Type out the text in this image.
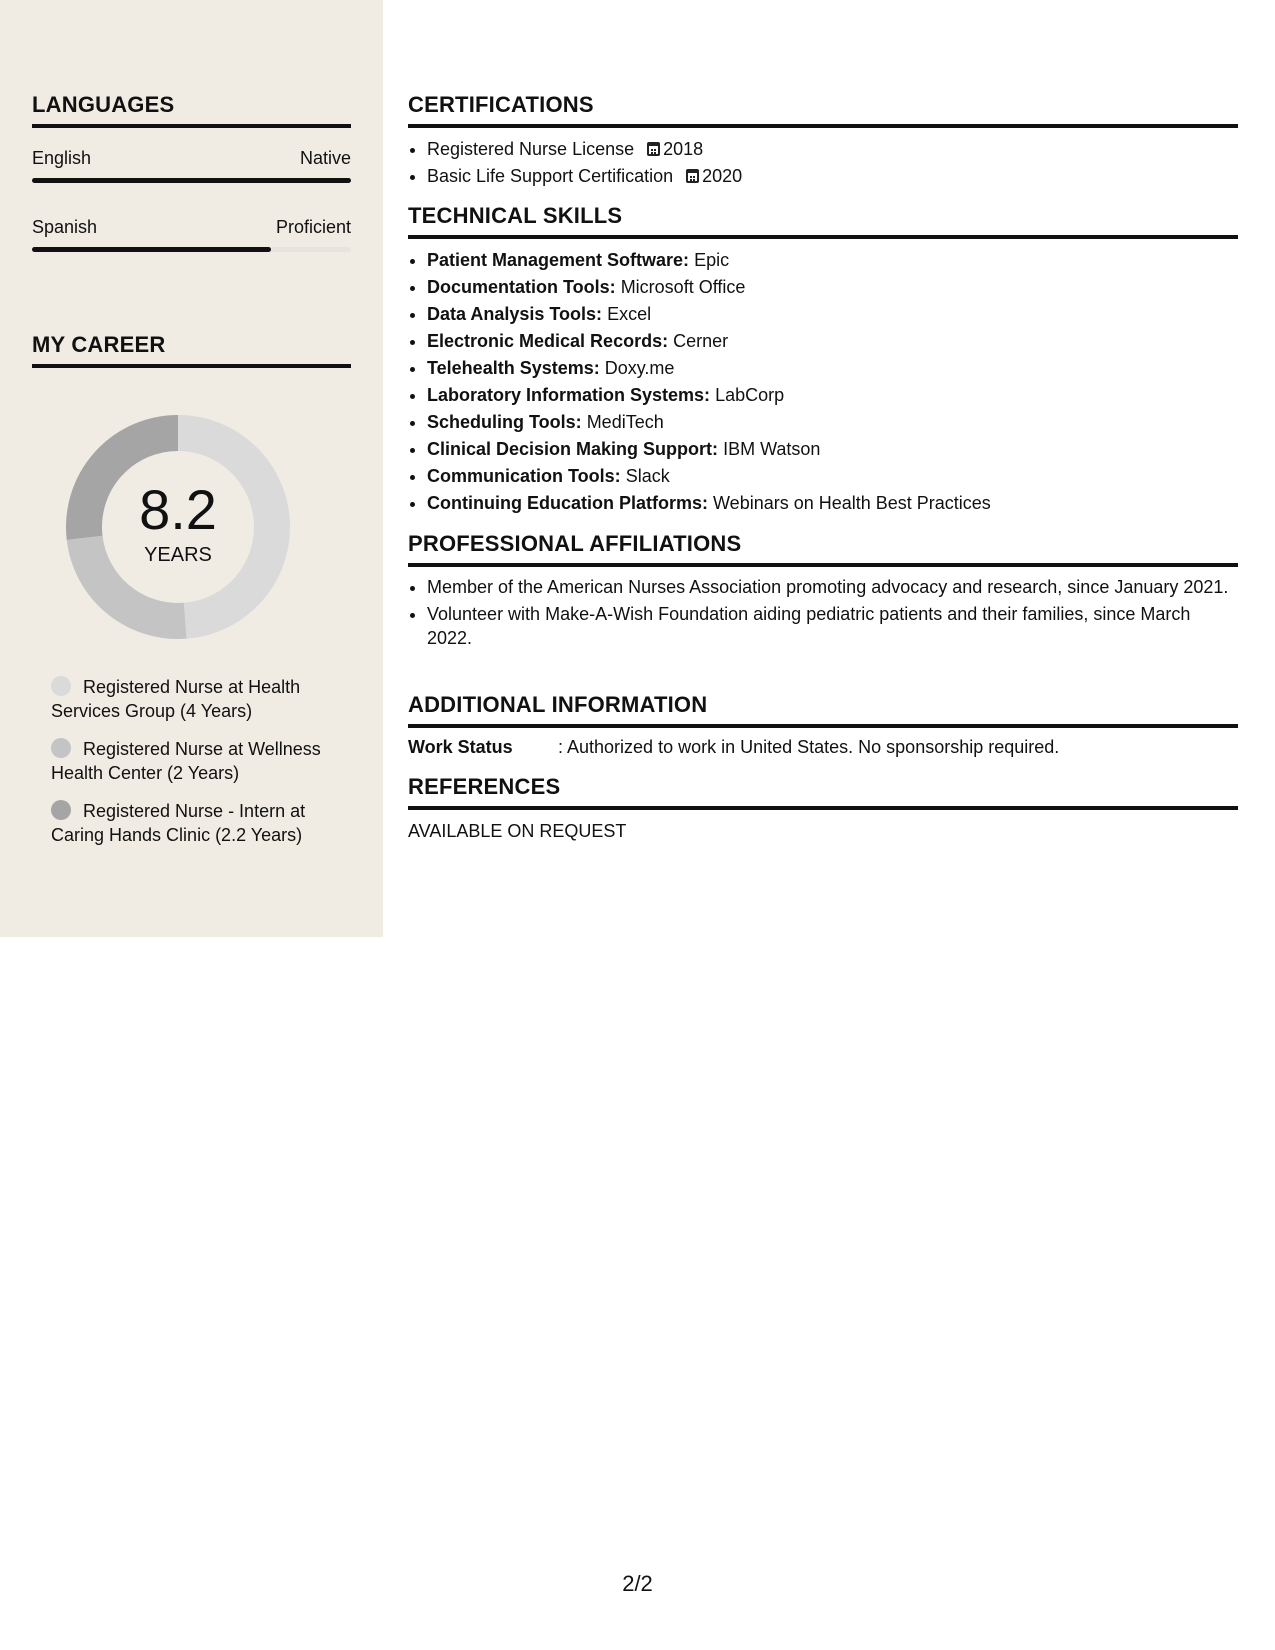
LANGUAGES
English	Native
Spanish	Proficient
MY CAREER
8.2
YEARS
Registered Nurse at Health Services Group (4 Years)
Registered Nurse at Wellness Health Center (2 Years)
Registered Nurse - Intern at Caring Hands Clinic (2.2 Years)
CERTIFICATIONS
• Registered Nurse License 2018
• Basic Life Support Certification 2020
TECHNICAL SKILLS
• Patient Management Software: Epic
• Documentation Tools: Microsoft Office
• Data Analysis Tools: Excel
• Electronic Medical Records: Cerner
• Telehealth Systems: Doxy.me
• Laboratory Information Systems: LabCorp
• Scheduling Tools: MediTech
• Clinical Decision Making Support: IBM Watson
• Communication Tools: Slack
• Continuing Education Platforms: Webinars on Health Best Practices
PROFESSIONAL AFFILIATIONS
• Member of the American Nurses Association promoting advocacy and research, since January 2021.
• Volunteer with Make-A-Wish Foundation aiding pediatric patients and their families, since March 2022.
ADDITIONAL INFORMATION
Work Status	: Authorized to work in United States. No sponsorship required.
REFERENCES
AVAILABLE ON REQUEST
2/2
